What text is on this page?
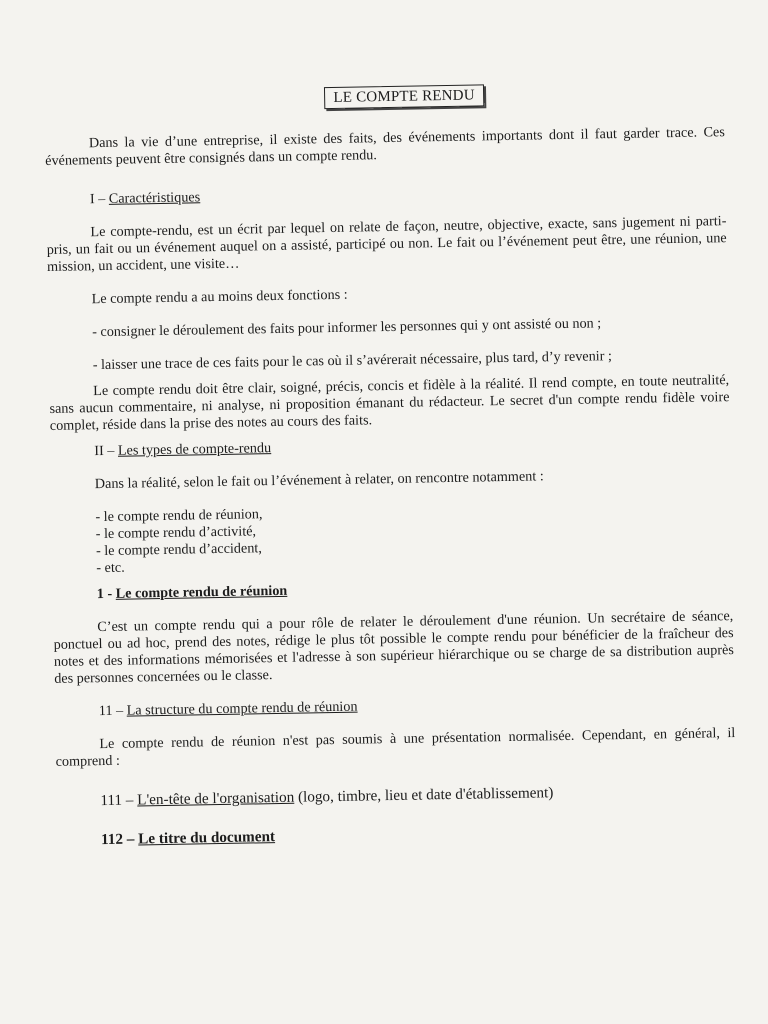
LE COMPTE RENDU

Dans la vie d’une entreprise, il existe des faits, des événements importants dont il faut garder trace. Ces événements peuvent être consignés dans un compte rendu.

I – Caractéristiques

Le compte-rendu, est un écrit par lequel on relate de façon, neutre, objective, exacte, sans jugement ni parti-pris, un fait ou un événement auquel on a assisté, participé ou non. Le fait ou l’événement peut être, une réunion, une mission, un accident, une visite…

Le compte rendu a au moins deux fonctions :

- consigner le déroulement des faits pour informer les personnes qui y ont assisté ou non ;

- laisser une trace de ces faits pour le cas où il s’avérerait nécessaire, plus tard, d’y revenir ;

Le compte rendu doit être clair, soigné, précis, concis et fidèle à la réalité. Il rend compte, en toute neutralité, sans aucun commentaire, ni analyse, ni proposition émanant du rédacteur. Le secret d'un compte rendu fidèle voire complet, réside dans la prise des notes au cours des faits.

II – Les types de compte-rendu

Dans la réalité, selon le fait ou l’événement à relater, on rencontre notamment :

- le compte rendu de réunion,

- le compte rendu d’activité,

- le compte rendu d’accident,

- etc.

1 - Le compte rendu de réunion

C’est un compte rendu qui a pour rôle de relater le déroulement d'une réunion. Un secrétaire de séance, ponctuel ou ad hoc, prend des notes, rédige le plus tôt possible le compte rendu pour bénéficier de la fraîcheur des notes et des informations mémorisées et l'adresse à son supérieur hiérarchique ou se charge de sa distribution auprès des personnes concernées ou le classe.

11 – La structure du compte rendu de réunion

Le compte rendu de réunion n'est pas soumis à une présentation normalisée. Cependant, en général, il comprend :

111 – L'en-tête de l'organisation (logo, timbre, lieu et date d'établissement)

112 – Le titre du document
